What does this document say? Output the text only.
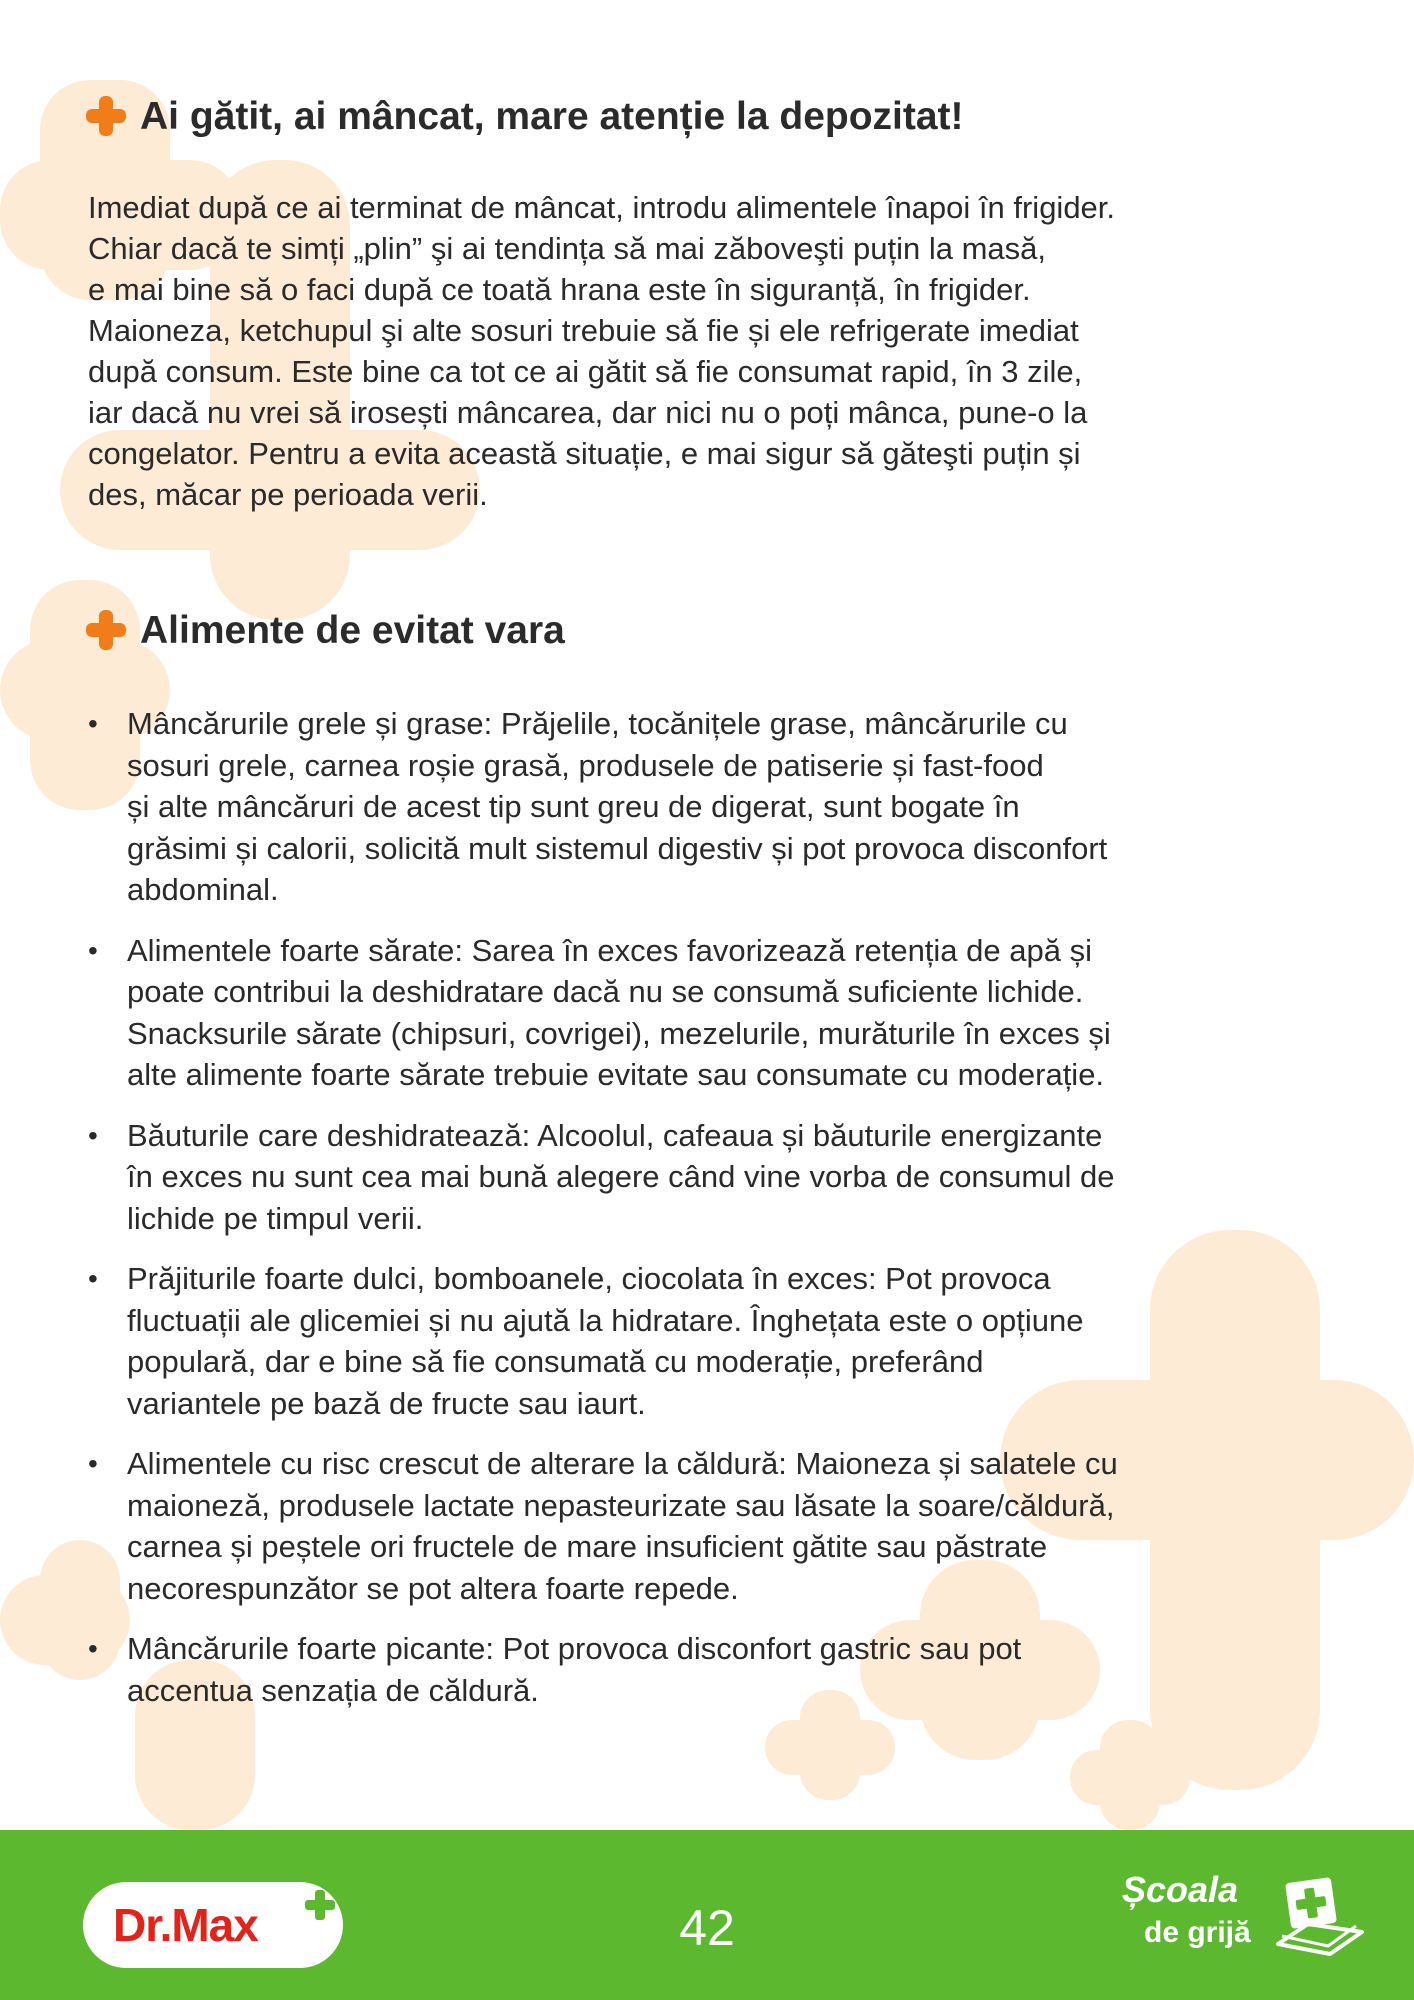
Ai gătit, ai mâncat, mare atenție la depozitat!

Imediat după ce ai terminat de mâncat, introdu alimentele înapoi în frigider.
Chiar dacă te simți „plin” şi ai tendința să mai zăboveşti puțin la masă,
e mai bine să o faci după ce toată hrana este în siguranță, în frigider.
Maioneza, ketchupul şi alte sosuri trebuie să fie și ele refrigerate imediat
după consum. Este bine ca tot ce ai gătit să fie consumat rapid, în 3 zile,
iar dacă nu vrei să irosești mâncarea, dar nici nu o poți mânca, pune-o la
congelator. Pentru a evita această situație, e mai sigur să găteşti puțin și
des, măcar pe perioada verii.

Alimente de evitat vara
• Mâncărurile grele și grase: Prăjelile, tocănițele grase, mâncărurile cu
sosuri grele, carnea roșie grasă, produsele de patiserie și fast-food
și alte mâncăruri de acest tip sunt greu de digerat, sunt bogate în
grăsimi și calorii, solicită mult sistemul digestiv și pot provoca disconfort
abdominal.
• Alimentele foarte sărate: Sarea în exces favorizează retenția de apă și
poate contribui la deshidratare dacă nu se consumă suficiente lichide.
Snacksurile sărate (chipsuri, covrigei), mezelurile, murăturile în exces și
alte alimente foarte sărate trebuie evitate sau consumate cu moderație.
• Băuturile care deshidratează: Alcoolul, cafeaua și băuturile energizante
în exces nu sunt cea mai bună alegere când vine vorba de consumul de
lichide pe timpul verii.
• Prăjiturile foarte dulci, bomboanele, ciocolata în exces: Pot provoca
fluctuații ale glicemiei și nu ajută la hidratare. Înghețata este o opțiune
populară, dar e bine să fie consumată cu moderație, preferând
variantele pe bază de fructe sau iaurt.
• Alimentele cu risc crescut de alterare la căldură: Maioneza și salatele cu
maioneză, produsele lactate nepasteurizate sau lăsate la soare/căldură,
carnea și peștele ori fructele de mare insuficient gătite sau păstrate
necorespunzător se pot altera foarte repede.
• Mâncărurile foarte picante: Pot provoca disconfort gastric sau pot
accentua senzația de căldură.
Dr.Max	42
Școala
de grijă
